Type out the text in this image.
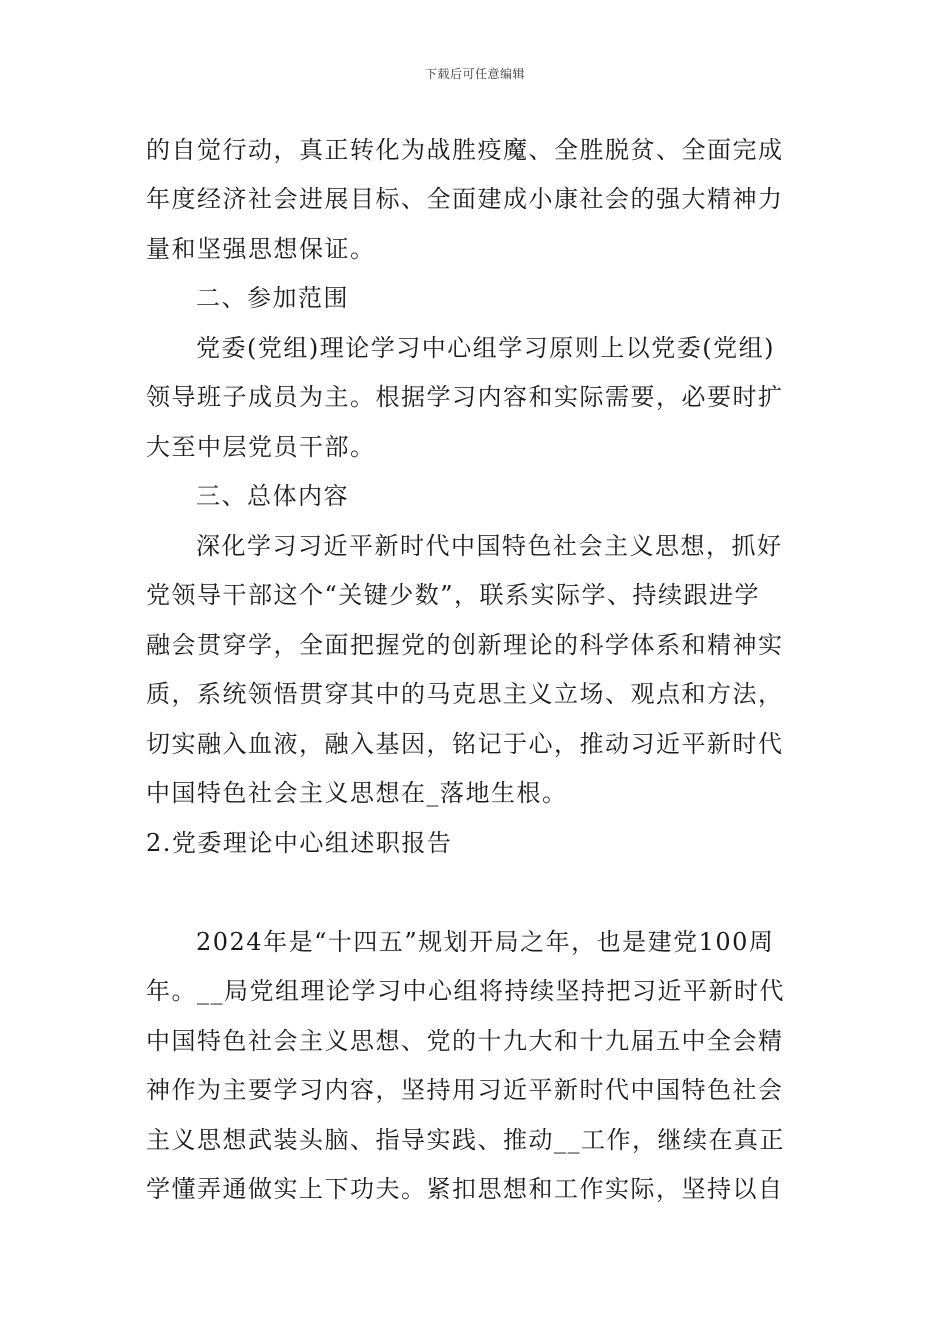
下载后可任意编辑
的自觉行动，真正转化为战胜疫魔、全胜脱贫、全面完成
年度经济社会进展目标、全面建成小康社会的强大精神力
量和坚强思想保证。
二、参加范围
党委(党组)理论学习中心组学习原则上以党委(党组)
领导班子成员为主。根据学习内容和实际需要，必要时扩
大至中层党员干部。
三、总体内容
深化学习习近平新时代中国特色社会主义思想，抓好
党领导干部这个“关键少数”，联系实际学、持续跟进学
融会贯穿学，全面把握党的创新理论的科学体系和精神实
质，系统领悟贯穿其中的马克思主义立场、观点和方法，
切实融入血液，融入基因，铭记于心，推动习近平新时代
中国特色社会主义思想在_落地生根。
2.党委理论中心组述职报告
2024年是“十四五”规划开局之年，也是建党100周
年。__局党组理论学习中心组将持续坚持把习近平新时代
中国特色社会主义思想、党的十九大和十九届五中全会精
神作为主要学习内容，坚持用习近平新时代中国特色社会
主义思想武装头脑、指导实践、推动__工作，继续在真正
学懂弄通做实上下功夫。紧扣思想和工作实际，坚持以自
